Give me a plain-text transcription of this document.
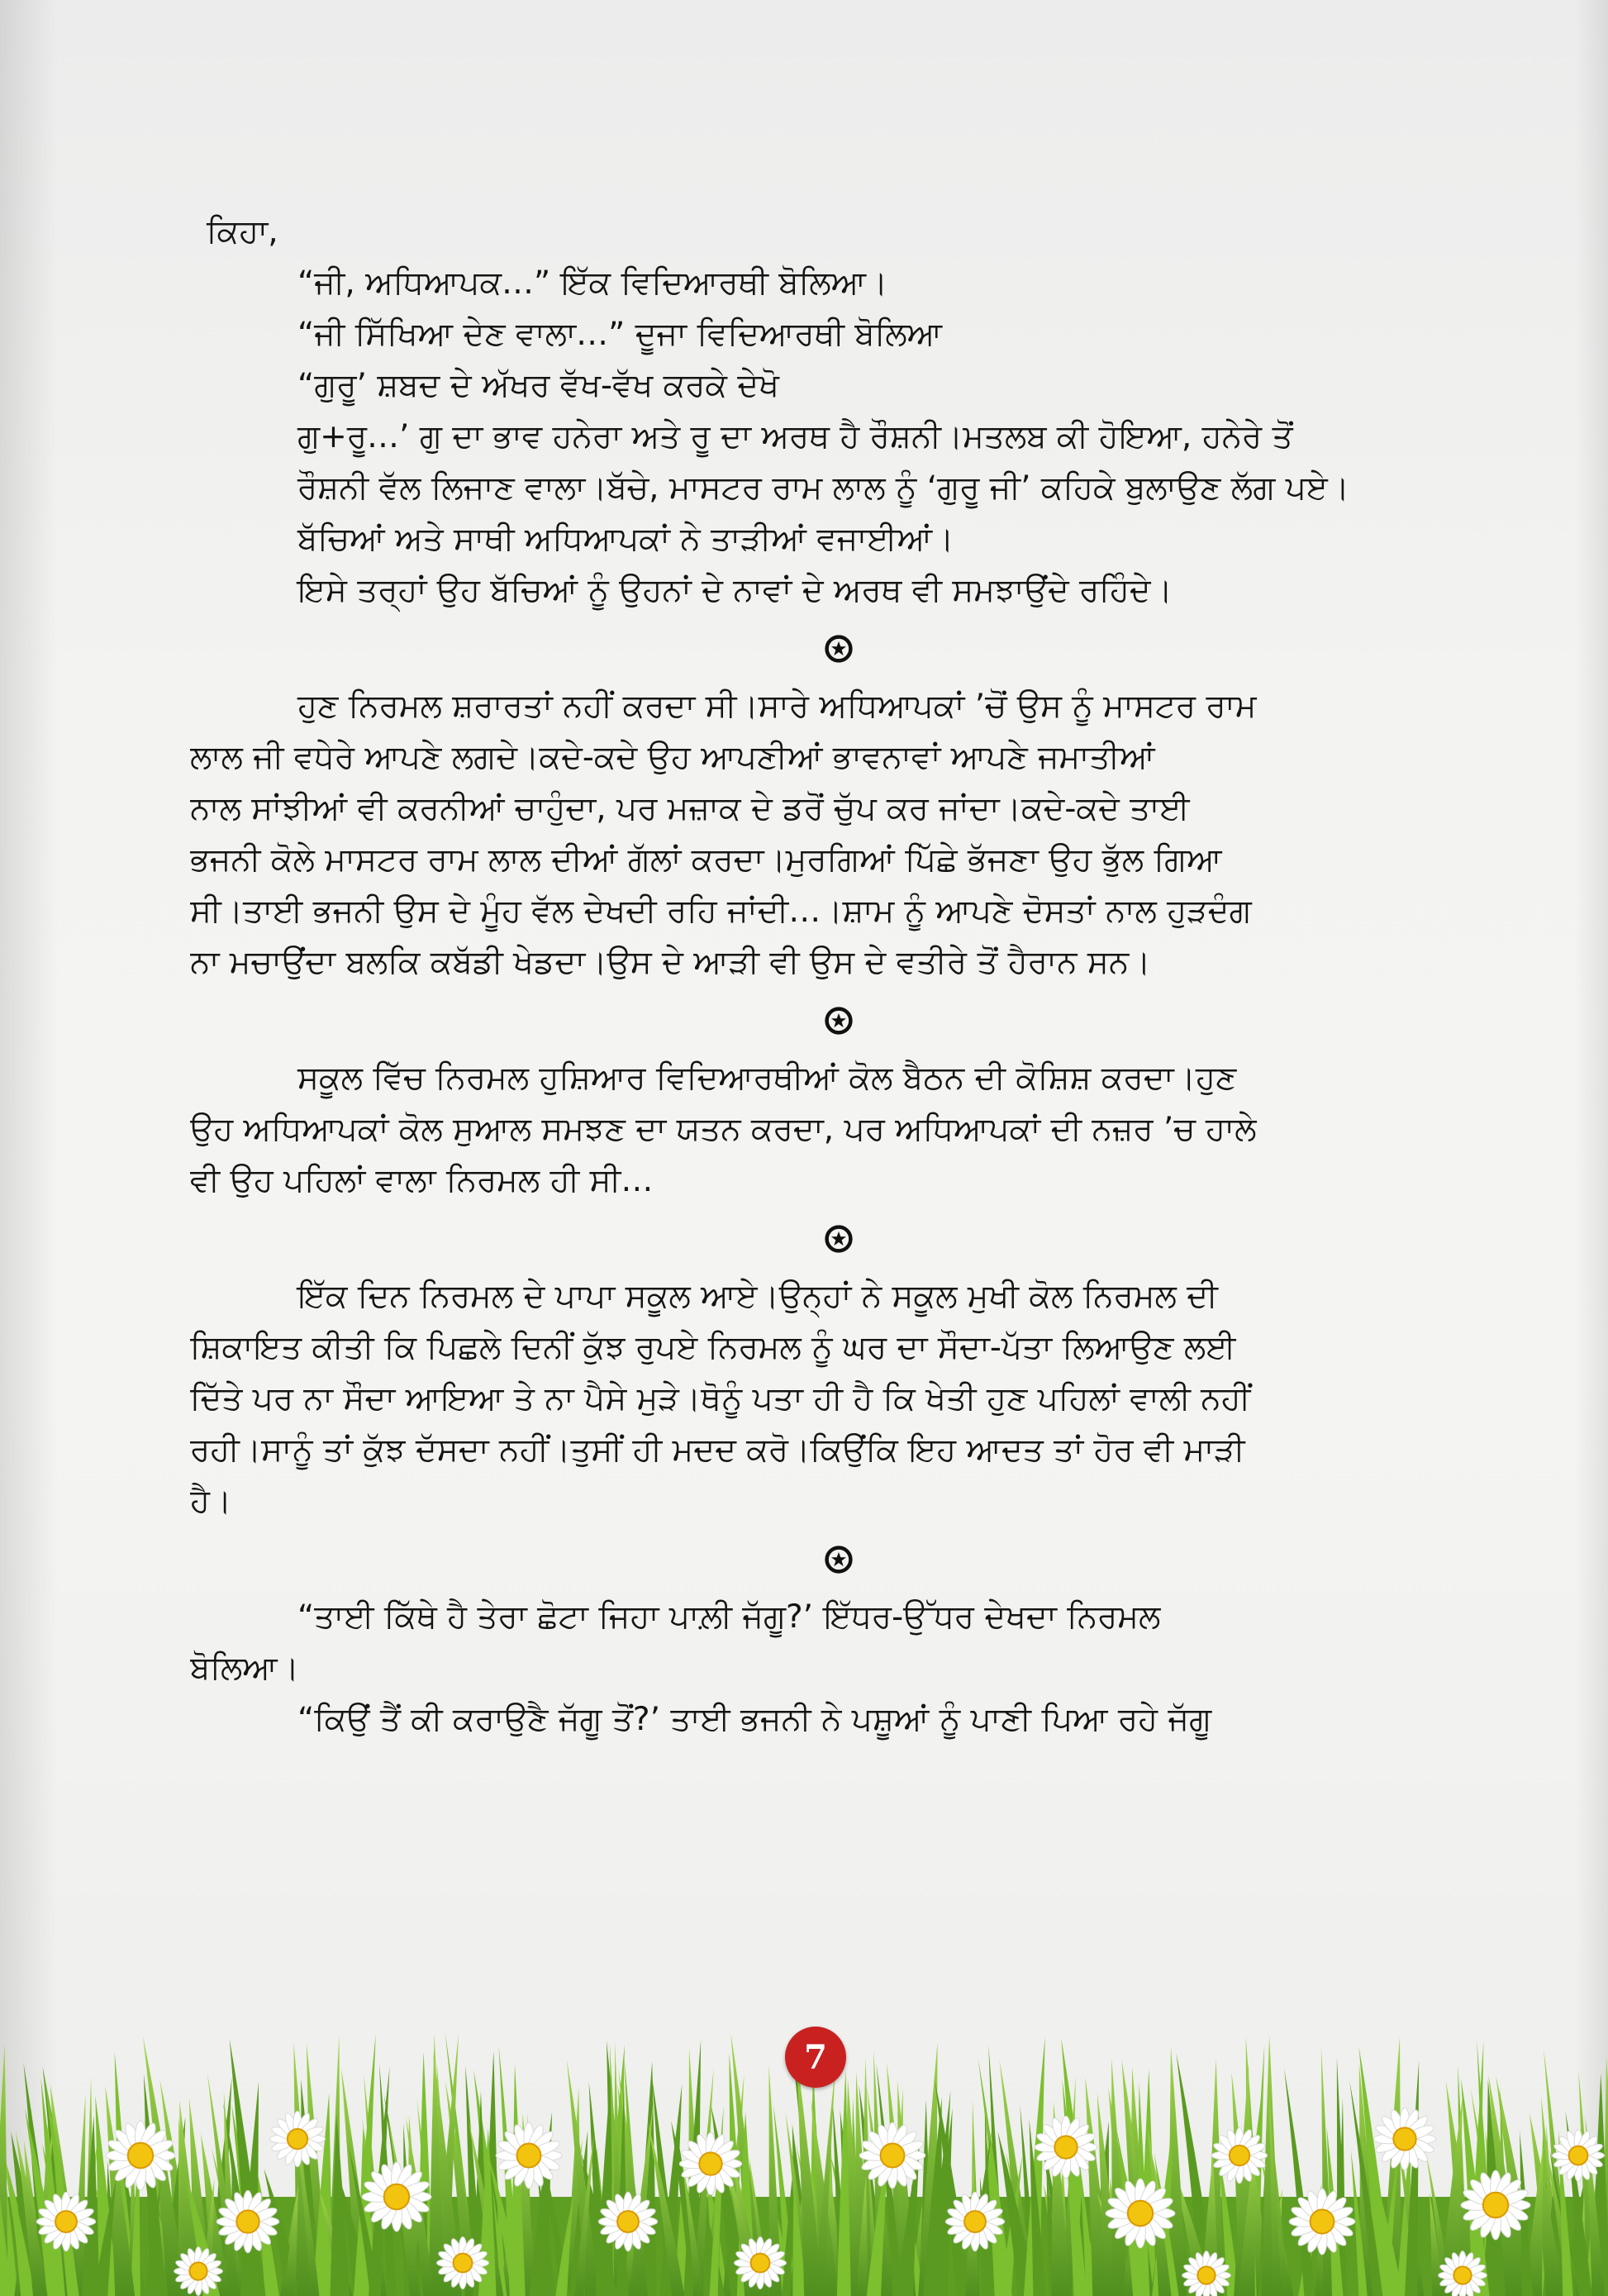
ਕਿਹਾ,
“ਜੀ, ਅਧਿਆਪਕ…” ਇੱਕ ਵਿਦਿਆਰਥੀ ਬੋਲਿਆ।
“ਜੀ ਸਿੱਖਿਆ ਦੇਣ ਵਾਲਾ…” ਦੂਜਾ ਵਿਦਿਆਰਥੀ ਬੋਲਿਆ
“ਗੁਰੂ’ ਸ਼ਬਦ ਦੇ ਅੱਖਰ ਵੱਖ-ਵੱਖ ਕਰਕੇ ਦੇਖੋ
ਗੁ+ਰੂ…’ ਗੁ ਦਾ ਭਾਵ ਹਨੇਰਾ ਅਤੇ ਰੂ ਦਾ ਅਰਥ ਹੈ ਰੌਸ਼ਨੀ।ਮਤਲਬ ਕੀ ਹੋਇਆ, ਹਨੇਰੇ ਤੋਂ
ਰੌਸ਼ਨੀ ਵੱਲ ਲਿਜਾਣ ਵਾਲਾ।ਬੱਚੇ, ਮਾਸਟਰ ਰਾਮ ਲਾਲ ਨੂੰ ‘ਗੁਰੂ ਜੀ’ ਕਹਿਕੇ ਬੁਲਾਉਣ ਲੱਗ ਪਏ।
ਬੱਚਿਆਂ ਅਤੇ ਸਾਥੀ ਅਧਿਆਪਕਾਂ ਨੇ ਤਾੜੀਆਂ ਵਜਾਈਆਂ।
ਇਸੇ ਤਰ੍ਹਾਂ ਉਹ ਬੱਚਿਆਂ ਨੂੰ ਉਹਨਾਂ ਦੇ ਨਾਵਾਂ ਦੇ ਅਰਥ ਵੀ ਸਮਝਾਉਂਦੇ ਰਹਿੰਦੇ।
ਹੁਣ ਨਿਰਮਲ ਸ਼ਰਾਰਤਾਂ ਨਹੀਂ ਕਰਦਾ ਸੀ।ਸਾਰੇ ਅਧਿਆਪਕਾਂ ’ਚੋਂ ਉਸ ਨੂੰ ਮਾਸਟਰ ਰਾਮ
ਲਾਲ ਜੀ ਵਧੇਰੇ ਆਪਣੇ ਲਗਦੇ।ਕਦੇ-ਕਦੇ ਉਹ ਆਪਣੀਆਂ ਭਾਵਨਾਵਾਂ ਆਪਣੇ ਜਮਾਤੀਆਂ
ਨਾਲ ਸਾਂਝੀਆਂ ਵੀ ਕਰਨੀਆਂ ਚਾਹੁੰਦਾ, ਪਰ ਮਜ਼ਾਕ ਦੇ ਡਰੋਂ ਚੁੱਪ ਕਰ ਜਾਂਦਾ।ਕਦੇ-ਕਦੇ ਤਾਈ
ਭਜਨੀ ਕੋਲੇ ਮਾਸਟਰ ਰਾਮ ਲਾਲ ਦੀਆਂ ਗੱਲਾਂ ਕਰਦਾ।ਮੁਰਗਿਆਂ ਪਿੱਛੇ ਭੱਜਣਾ ਉਹ ਭੁੱਲ ਗਿਆ
ਸੀ।ਤਾਈ ਭਜਨੀ ਉਸ ਦੇ ਮੂੰਹ ਵੱਲ ਦੇਖਦੀ ਰਹਿ ਜਾਂਦੀ…।ਸ਼ਾਮ ਨੂੰ ਆਪਣੇ ਦੋਸਤਾਂ ਨਾਲ ਹੁੜਦੰਗ
ਨਾ ਮਚਾਉਂਦਾ ਬਲਕਿ ਕਬੱਡੀ ਖੇਡਦਾ।ਉਸ ਦੇ ਆੜੀ ਵੀ ਉਸ ਦੇ ਵਤੀਰੇ ਤੋਂ ਹੈਰਾਨ ਸਨ।
ਸਕੂਲ ਵਿੱਚ ਨਿਰਮਲ ਹੁਸ਼ਿਆਰ ਵਿਦਿਆਰਥੀਆਂ ਕੋਲ ਬੈਠਨ ਦੀ ਕੋਸ਼ਿਸ਼ ਕਰਦਾ।ਹੁਣ
ਉਹ ਅਧਿਆਪਕਾਂ ਕੋਲ ਸੁਆਲ ਸਮਝਣ ਦਾ ਯਤਨ ਕਰਦਾ, ਪਰ ਅਧਿਆਪਕਾਂ ਦੀ ਨਜ਼ਰ ’ਚ ਹਾਲੇ
ਵੀ ਉਹ ਪਹਿਲਾਂ ਵਾਲਾ ਨਿਰਮਲ ਹੀ ਸੀ…
ਇੱਕ ਦਿਨ ਨਿਰਮਲ ਦੇ ਪਾਪਾ ਸਕੂਲ ਆਏ।ਉਨ੍ਹਾਂ ਨੇ ਸਕੂਲ ਮੁਖੀ ਕੋਲ ਨਿਰਮਲ ਦੀ
ਸ਼ਿਕਾਇਤ ਕੀਤੀ ਕਿ ਪਿਛਲੇ ਦਿਨੀਂ ਕੁੱਝ ਰੁਪਏ ਨਿਰਮਲ ਨੂੰ ਘਰ ਦਾ ਸੌਦਾ-ਪੱਤਾ ਲਿਆਉਣ ਲਈ
ਦਿੱਤੇ ਪਰ ਨਾ ਸੌਦਾ ਆਇਆ ਤੇ ਨਾ ਪੈਸੇ ਮੁੜੇ।ਥੋਨੂੰ ਪਤਾ ਹੀ ਹੈ ਕਿ ਖੇਤੀ ਹੁਣ ਪਹਿਲਾਂ ਵਾਲੀ ਨਹੀਂ
ਰਹੀ।ਸਾਨੂੰ ਤਾਂ ਕੁੱਝ ਦੱਸਦਾ ਨਹੀਂ।ਤੁਸੀਂ ਹੀ ਮਦਦ ਕਰੋ।ਕਿਉਂਕਿ ਇਹ ਆਦਤ ਤਾਂ ਹੋਰ ਵੀ ਮਾੜੀ
ਹੈ।
“ਤਾਈ ਕਿੱਥੇ ਹੈ ਤੇਰਾ ਛੋਟਾ ਜਿਹਾ ਪਾਲ਼ੀ ਜੱਗੂ?’ ਇੱਧਰ-ਉੱਧਰ ਦੇਖਦਾ ਨਿਰਮਲ
ਬੋਲਿਆ।
“ਕਿਉਂ ਤੈਂ ਕੀ ਕਰਾਉਣੈ ਜੱਗੂ ਤੋਂ?’ ਤਾਈ ਭਜਨੀ ਨੇ ਪਸ਼ੂਆਂ ਨੂੰ ਪਾਣੀ ਪਿਆ ਰਹੇ ਜੱਗੂ
7
